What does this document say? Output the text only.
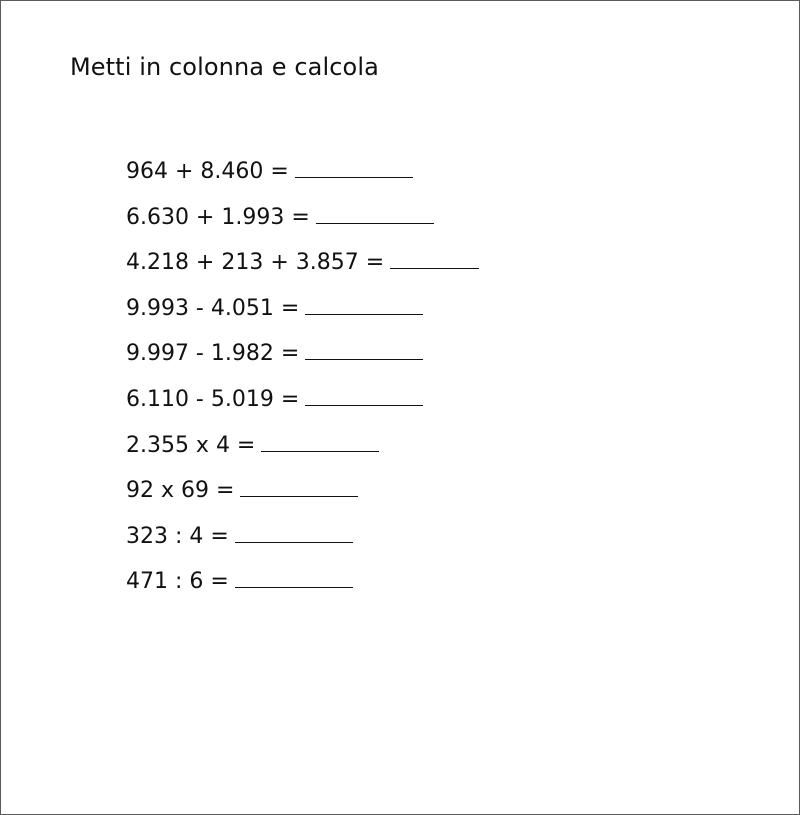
Metti in colonna e calcola

964 + 8.460 =

6.630 + 1.993 =

4.218 + 213 + 3.857 =

9.993 - 4.051 =

9.997 - 1.982 =

6.110 - 5.019 =

2.355 x 4 =

92 x 69 =

323 : 4 =

471 : 6 =
